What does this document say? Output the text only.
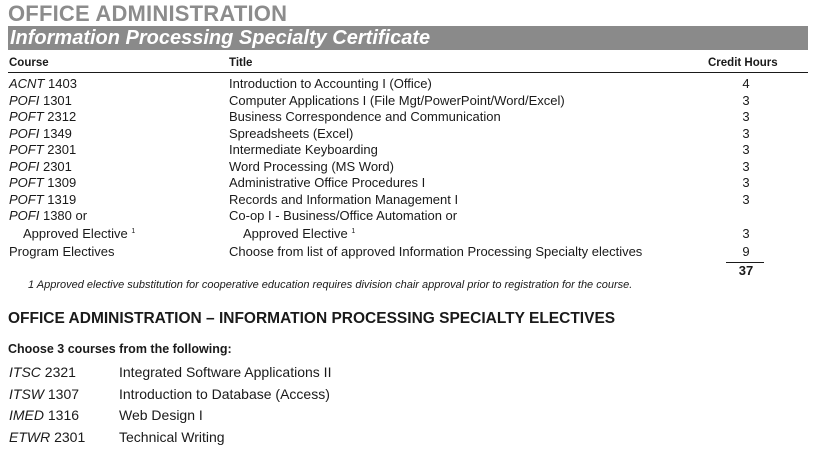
OFFICE ADMINISTRATION
Information Processing Specialty Certificate
Course	Title	Credit Hours
ACNT 1403	Introduction to Accounting I (Office)	4
POFI 1301	Computer Applications I (File Mgt/PowerPoint/Word/Excel)	3
POFT 2312	Business Correspondence and Communication	3
POFI 1349	Spreadsheets (Excel)	3
POFT 2301	Intermediate Keyboarding	3
POFI 2301	Word Processing (MS Word)	3
POFT 1309	Administrative Office Procedures I	3
POFT 1319	Records and Information Management I	3
POFI 1380 or	Co-op I - Business/Office Automation or
Approved Elective $^1$	Approved Elective $^1$	3
Program Electives	Choose from list of approved Information Processing Specialty electives	9
37
1 Approved elective substitution for cooperative education requires division chair approval prior to registration for the course.
OFFICE ADMINISTRATION – INFORMATION PROCESSING SPECIALTY ELECTIVES
Choose 3 courses from the following:
ITSC 2321	Integrated Software Applications II
ITSW 1307	Introduction to Database (Access)
IMED 1316	Web Design I
ETWR 2301 Technical Writing
